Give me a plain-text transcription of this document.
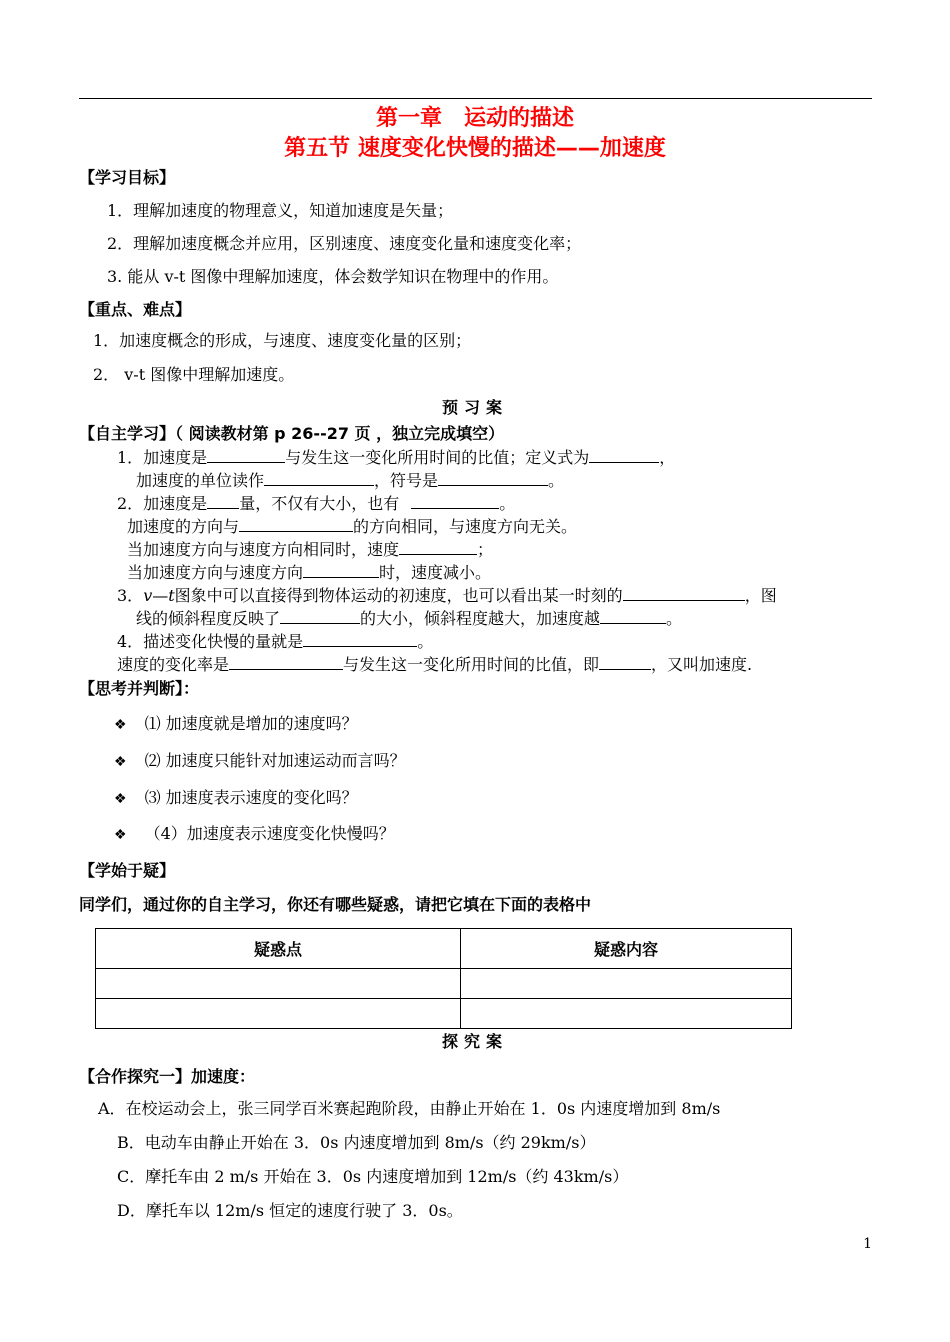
第一章　运动的描述
第五节 速度变化快慢的描述——加速度
【学习目标】
1．理解加速度的物理意义，知道加速度是矢量；
2．理解加速度概念并应用，区别速度、速度变化量和速度变化率；
3. 能从 v-t 图像中理解加速度，体会数学知识在物理中的作用。
【重点、难点】
1．加速度概念的形成，与速度、速度变化量的区别；
2． v-t 图像中理解加速度。
预习案
【自主学习】（ 阅读教材第 p 26--27 页 ，独立完成填空）
1．加速度是	与发生这一变化所用时间的比值；定义式为	，
加速度的单位读作	，符号是	。
2．加速度是 量，不仅有大小，也有	。
加速度的方向与	的方向相同，与速度方向无关。
当加速度方向与速度方向相同时，速度	；
当加速度方向与速度方向	时，速度减小。
3．v—t图象中可以直接得到物体运动的初速度，也可以看出某一时刻的	，图
线的倾斜程度反映了	的大小，倾斜程度越大，加速度越	。
4．描述变化快慢的量就是	。
速度的变化率是	与发生这一变化所用时间的比值，即	，又叫加速度.
【思考并判断】：
❖ ⑴ 加速度就是增加的速度吗？
❖ ⑵ 加速度只能针对加速运动而言吗？
❖ ⑶ 加速度表示速度的变化吗？
❖ （4）加速度表示速度变化快慢吗？
【学始于疑】
同学们，通过你的自主学习，你还有哪些疑惑，请把它填在下面的表格中
疑惑点	疑惑内容

探究案
【合作探究一】加速度：
A．在校运动会上，张三同学百米赛起跑阶段，由静止开始在 1．0s 内速度增加到 8m/s
B．电动车由静止开始在 3．0s 内速度增加到 8m/s（约 29km/s）
C．摩托车由 2 m/s 开始在 3．0s 内速度增加到 12m/s（约 43km/s）
D．摩托车以 12m/s 恒定的速度行驶了 3．0s。
1
